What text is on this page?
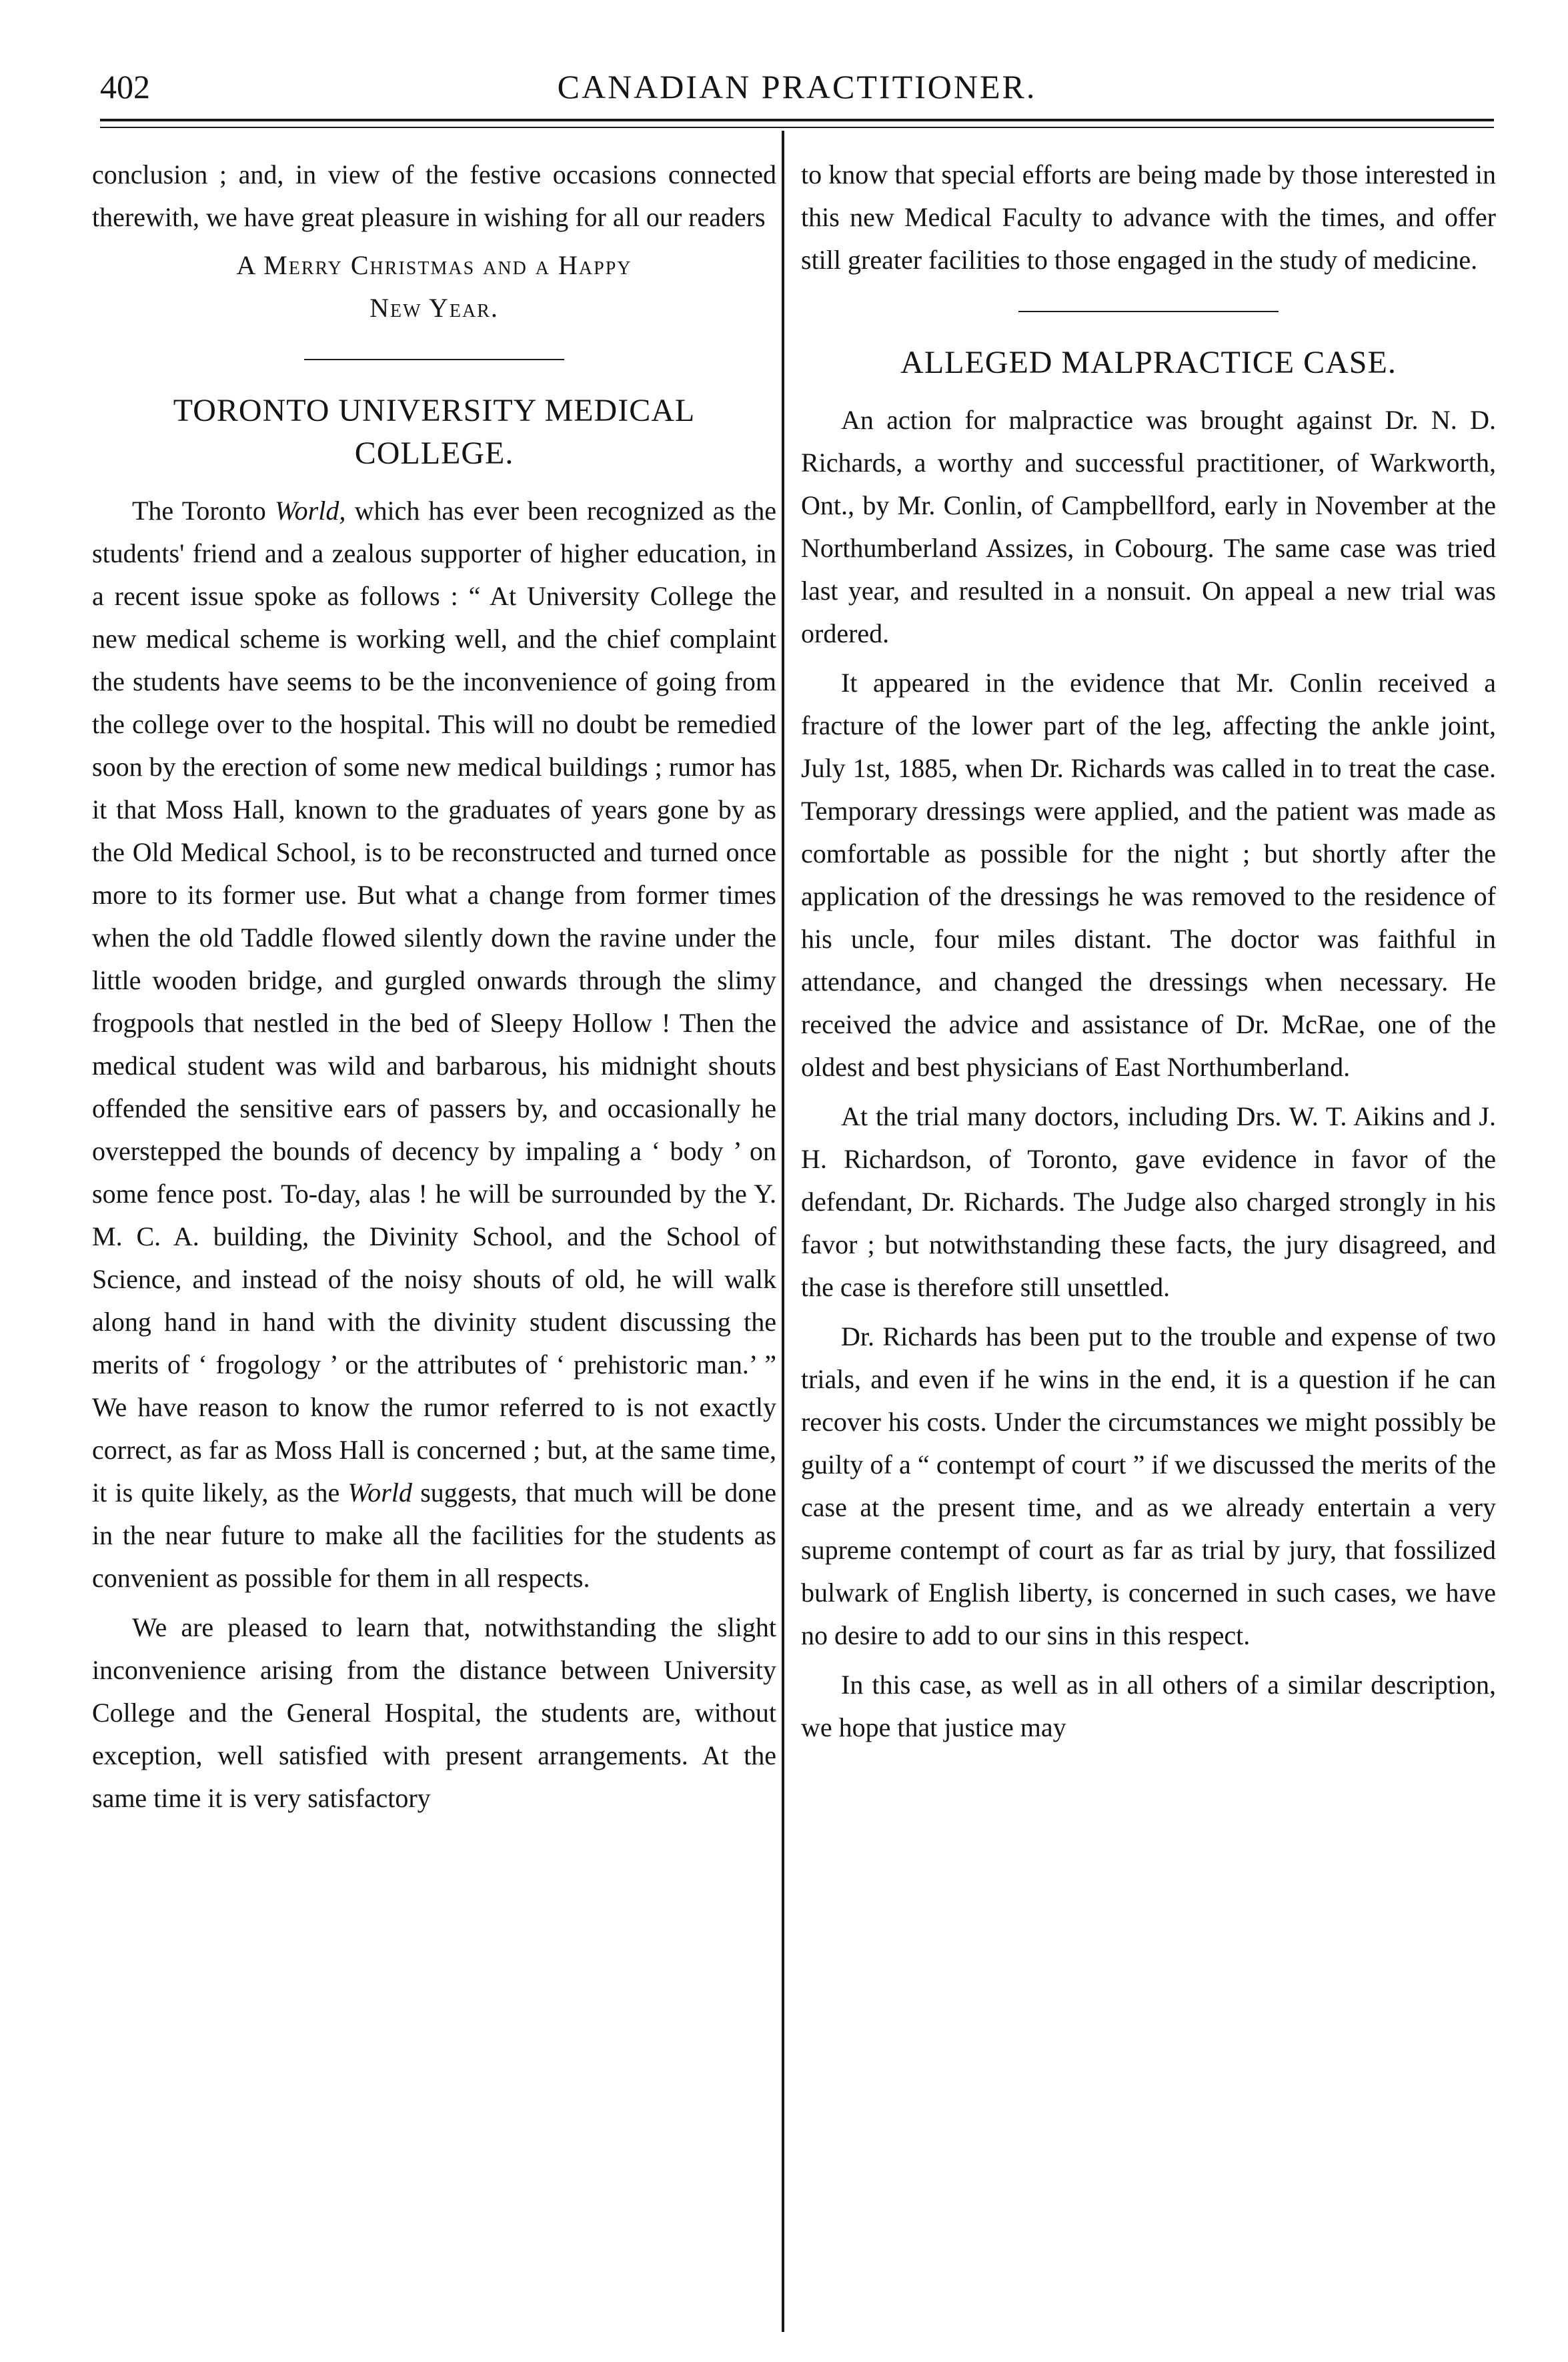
402	CANADIAN PRACTITIONER.

conclusion ; and, in view of the festive occasions connected therewith, we have great pleasure in wishing for all our readers

A Merry Christmas and a Happy
New Year.
TORONTO UNIVERSITY MEDICAL COLLEGE.

The Toronto World, which has ever been recognized as the students' friend and a zealous supporter of higher education, in a recent issue spoke as follows : “ At University College the new medical scheme is working well, and the chief complaint the students have seems to be the inconvenience of going from the college over to the hospital. This will no doubt be remedied soon by the erection of some new medical buildings ; rumor has it that Moss Hall, known to the graduates of years gone by as the Old Medical School, is to be reconstructed and turned once more to its former use. But what a change from former times when the old Taddle flowed silently down the ravine under the little wooden bridge, and gurgled onwards through the slimy frogpools that nestled in the bed of Sleepy Hollow ! Then the medical student was wild and barbarous, his midnight shouts offended the sensitive ears of passers by, and occasionally he overstepped the bounds of decency by impaling a ‘ body ’ on some fence post. To-day, alas ! he will be surrounded by the Y. M. C. A. building, the Divinity School, and the School of Science, and instead of the noisy shouts of old, he will walk along hand in hand with the divinity student discussing the merits of ‘ frogology ’ or the attributes of ‘ prehistoric man.’ ” We have reason to know the rumor referred to is not exactly correct, as far as Moss Hall is concerned ; but, at the same time, it is quite likely, as the World suggests, that much will be done in the near future to make all the facilities for the students as convenient as possible for them in all respects.

We are pleased to learn that, notwithstanding the slight inconvenience arising from the distance between University College and the General Hospital, the students are, without exception, well satisfied with present arrangements. At the same time it is very satisfactory

to know that special efforts are being made by those interested in this new Medical Faculty to advance with the times, and offer still greater facilities to those engaged in the study of medicine.

ALLEGED MALPRACTICE CASE.

An action for malpractice was brought against Dr. N. D. Richards, a worthy and successful practitioner, of Warkworth, Ont., by Mr. Conlin, of Campbellford, early in November at the Northumberland Assizes, in Cobourg. The same case was tried last year, and resulted in a nonsuit. On appeal a new trial was ordered.

It appeared in the evidence that Mr. Conlin received a fracture of the lower part of the leg, affecting the ankle joint, July 1st, 1885, when Dr. Richards was called in to treat the case. Temporary dressings were applied, and the patient was made as comfortable as possible for the night ; but shortly after the application of the dressings he was removed to the residence of his uncle, four miles distant. The doctor was faithful in attendance, and changed the dressings when necessary. He received the advice and assistance of Dr. McRae, one of the oldest and best physicians of East Northumberland.

At the trial many doctors, including Drs. W. T. Aikins and J. H. Richardson, of Toronto, gave evidence in favor of the defendant, Dr. Richards. The Judge also charged strongly in his favor ; but notwithstanding these facts, the jury disagreed, and the case is therefore still unsettled.

Dr. Richards has been put to the trouble and expense of two trials, and even if he wins in the end, it is a question if he can recover his costs. Under the circumstances we might possibly be guilty of a “ contempt of court ” if we discussed the merits of the case at the present time, and as we already entertain a very supreme contempt of court as far as trial by jury, that fossilized bulwark of English liberty, is concerned in such cases, we have no desire to add to our sins in this respect.

In this case, as well as in all others of a similar description, we hope that justice may
